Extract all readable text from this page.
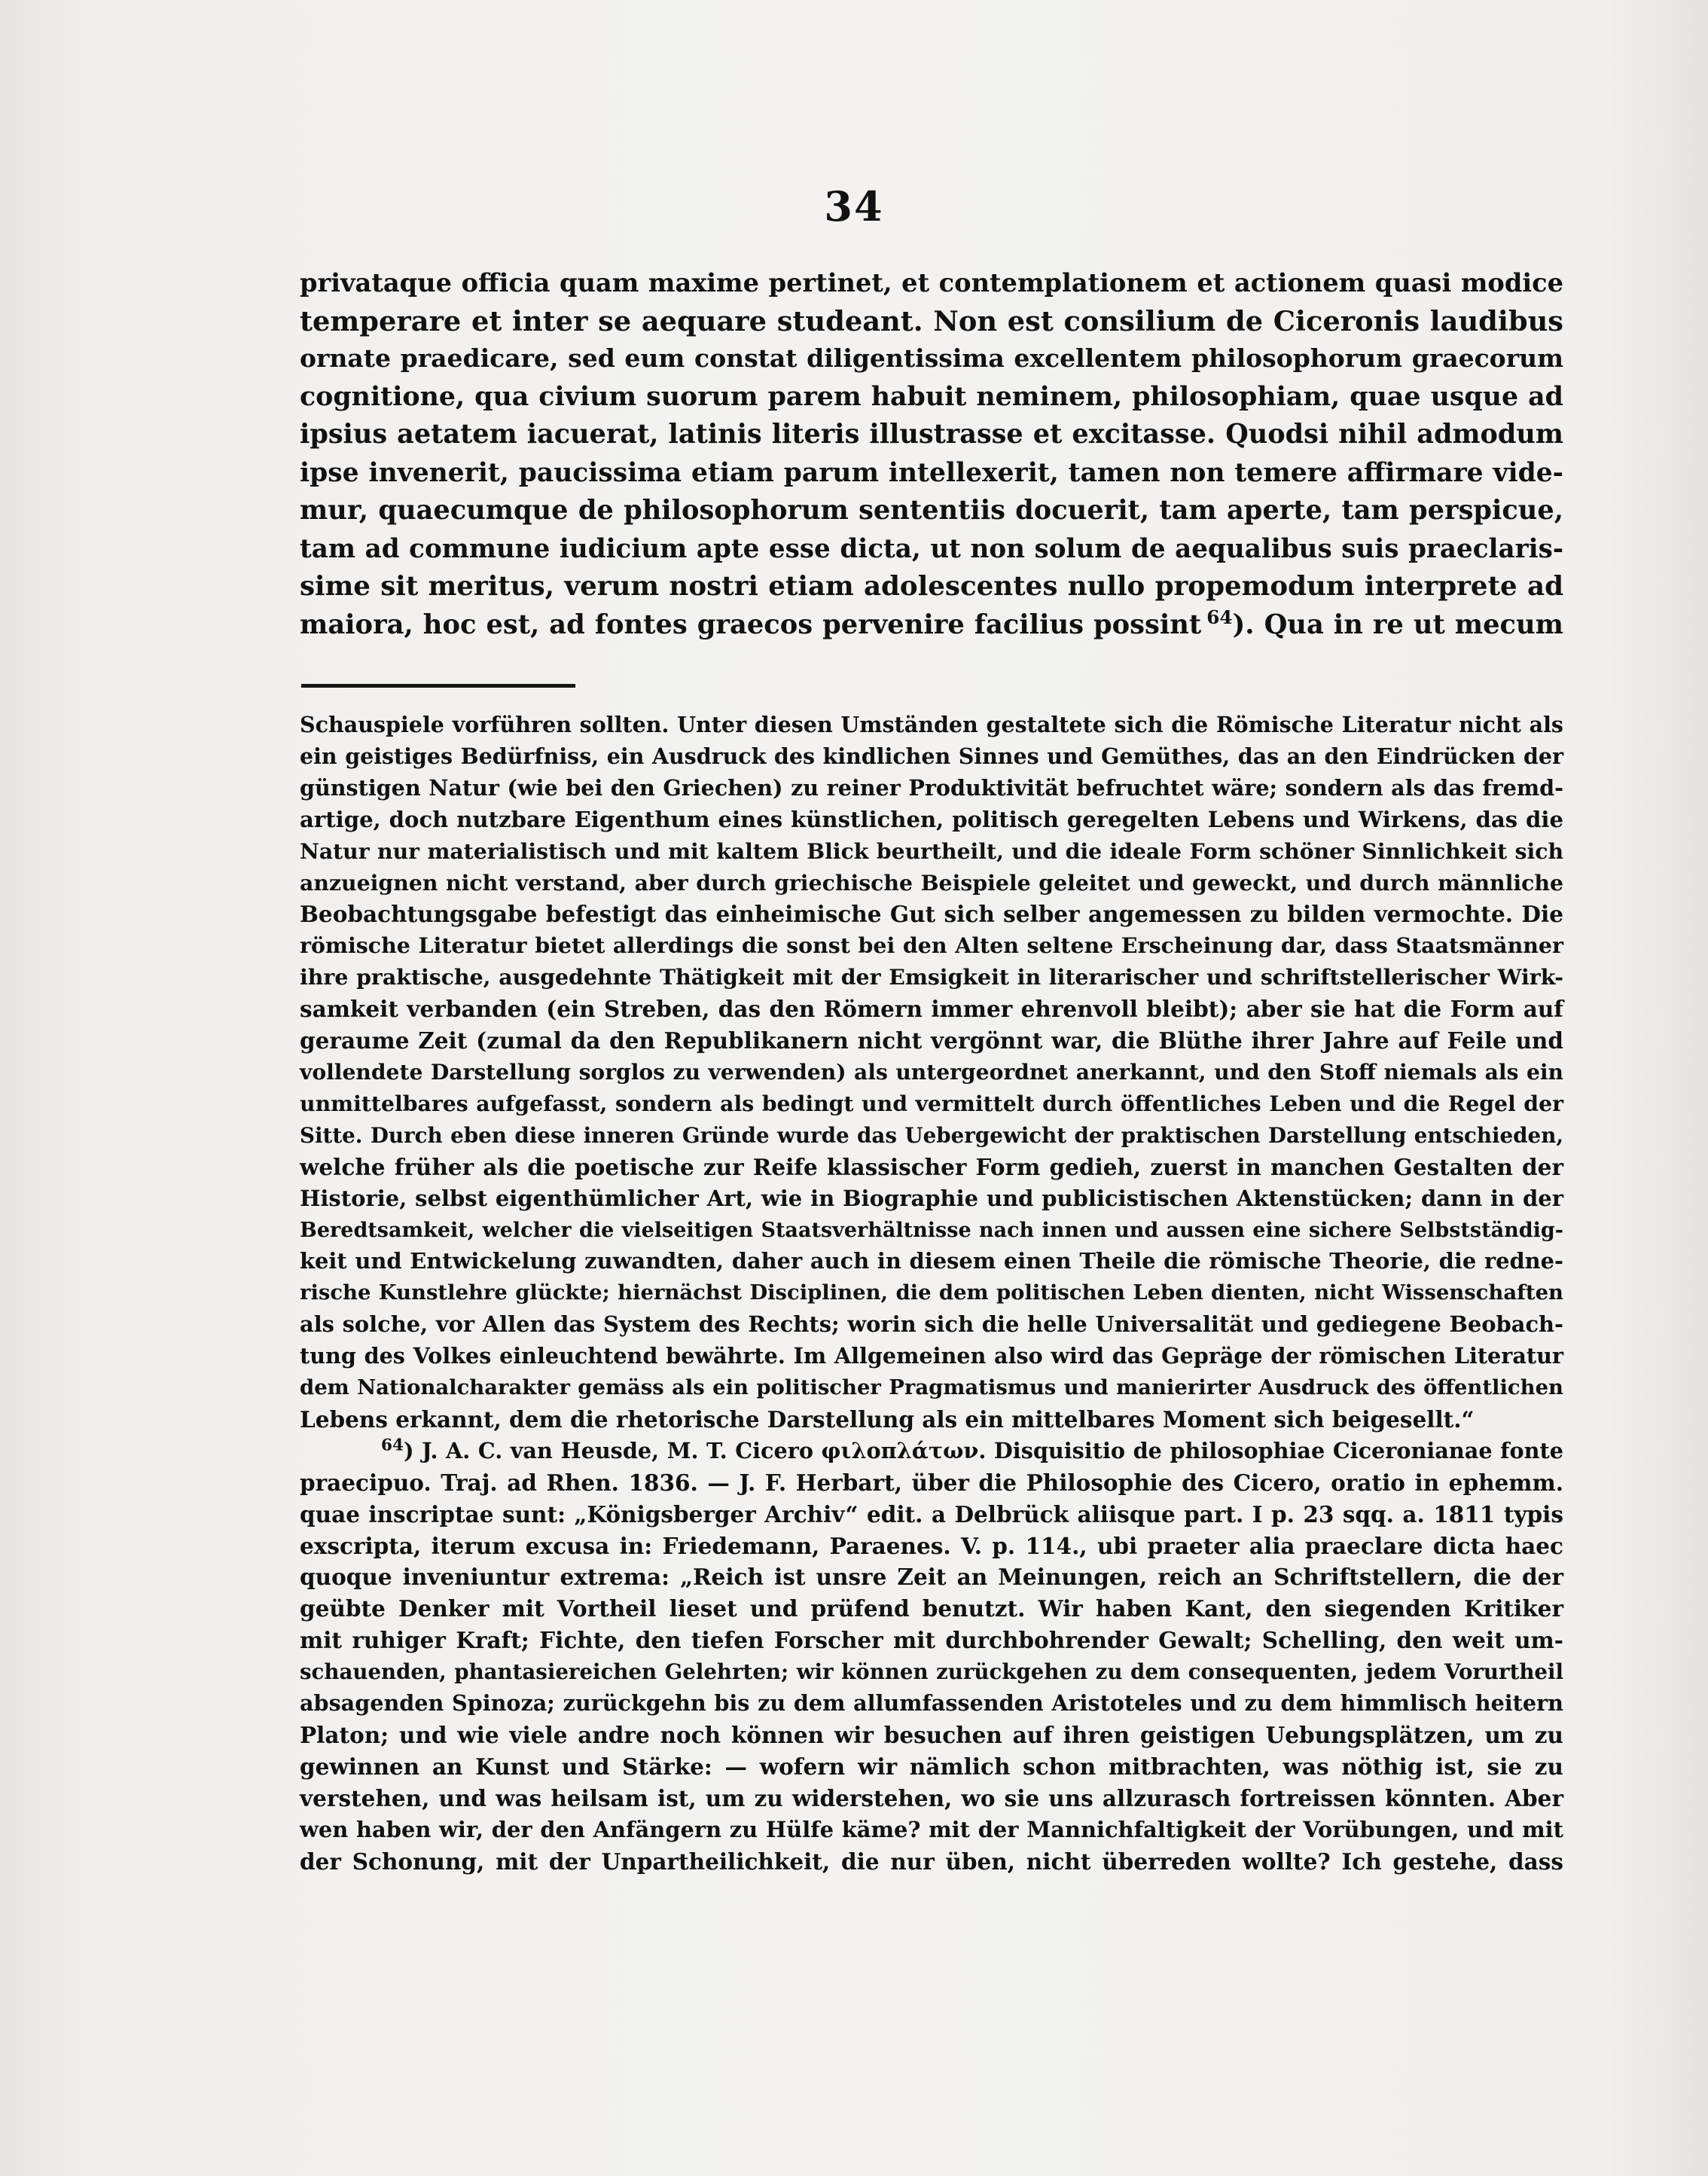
34
privataque officia quam maxime pertinet, et contemplationem et actionem quasi modice
temperare et inter se aequare studeant. Non est consilium de Ciceronis laudibus
ornate praedicare, sed eum constat diligentissima excellentem philosophorum graecorum
cognitione, qua civium suorum parem habuit neminem, philosophiam, quae usque ad
ipsius aetatem iacuerat, latinis literis illustrasse et excitasse. Quodsi nihil admodum
ipse invenerit, paucissima etiam parum intellexerit, tamen non temere affirmare vide-
mur, quaecumque de philosophorum sententiis docuerit, tam aperte, tam perspicue,
tam ad commune iudicium apte esse dicta, ut non solum de aequalibus suis praeclaris-
sime sit meritus, verum nostri etiam adolescentes nullo propemodum interprete ad
maiora, hoc est, ad fontes graecos pervenire facilius possint  $^{64}$). Qua in re ut mecum
Schauspiele vorführen sollten. Unter diesen Umständen gestaltete sich die Römische Literatur nicht als
ein geistiges Bedürfniss, ein Ausdruck des kindlichen Sinnes und Gemüthes, das an den Eindrücken der
günstigen Natur (wie bei den Griechen) zu reiner Produktivität befruchtet wäre; sondern als das fremd-
artige, doch nutzbare Eigenthum eines künstlichen, politisch geregelten Lebens und Wirkens, das die
Natur nur materialistisch und mit kaltem Blick beurtheilt, und die ideale Form schöner Sinnlichkeit sich
anzueignen nicht verstand, aber durch griechische Beispiele geleitet und geweckt, und durch männliche
Beobachtungsgabe befestigt das einheimische Gut sich selber angemessen zu bilden vermochte. Die
römische Literatur bietet allerdings die sonst bei den Alten seltene Erscheinung dar, dass Staatsmänner
ihre praktische, ausgedehnte Thätigkeit mit der Emsigkeit in literarischer und schriftstellerischer Wirk-
samkeit verbanden (ein Streben, das den Römern immer ehrenvoll bleibt); aber sie hat die Form auf
geraume Zeit (zumal da den Republikanern nicht vergönnt war, die Blüthe ihrer Jahre auf Feile und
vollendete Darstellung sorglos zu verwenden) als untergeordnet anerkannt, und den Stoff niemals als ein
unmittelbares aufgefasst, sondern als bedingt und vermittelt durch öffentliches Leben und die Regel der
Sitte. Durch eben diese inneren Gründe wurde das Uebergewicht der praktischen Darstellung entschieden,
welche früher als die poetische zur Reife klassischer Form gedieh, zuerst in manchen Gestalten der
Historie, selbst eigenthümlicher Art, wie in Biographie und publicistischen Aktenstücken; dann in der
Beredtsamkeit, welcher die vielseitigen Staatsverhältnisse nach innen und aussen eine sichere Selbstständig-
keit und Entwickelung zuwandten, daher auch in diesem einen Theile die römische Theorie, die redne-
rische Kunstlehre glückte; hiernächst Disciplinen, die dem politischen Leben dienten, nicht Wissenschaften
als solche, vor Allen das System des Rechts; worin sich die helle Universalität und gediegene Beobach-
tung des Volkes einleuchtend bewährte. Im Allgemeinen also wird das Gepräge der römischen Literatur
dem Nationalcharakter gemäss als ein politischer Pragmatismus und manierirter Ausdruck des öffentlichen
Lebens erkannt, dem die rhetorische Darstellung als ein mittelbares Moment sich beigesellt.“
$^{64}$) J. A. C. van Heusde, M. T. Cicero φιλοπλάτων. Disquisitio de philosophiae Ciceronianae fonte
praecipuo. Traj. ad Rhen. 1836. — J. F. Herbart, über die Philosophie des Cicero, oratio in ephemm.
quae inscriptae sunt: „Königsberger Archiv“ edit. a Delbrück aliisque part. I p. 23 sqq. a. 1811 typis
exscripta, iterum excusa in: Friedemann, Paraenes. V. p. 114., ubi praeter alia praeclare dicta haec
quoque inveniuntur extrema: „Reich ist unsre Zeit an Meinungen, reich an Schriftstellern, die der
geübte Denker mit Vortheil lieset und prüfend benutzt. Wir haben Kant, den siegenden Kritiker
mit ruhiger Kraft; Fichte, den tiefen Forscher mit durchbohrender Gewalt; Schelling, den weit um-
schauenden, phantasiereichen Gelehrten; wir können zurückgehen zu dem consequenten, jedem Vorurtheil
absagenden Spinoza; zurückgehn bis zu dem allumfassenden Aristoteles und zu dem himmlisch heitern
Platon; und wie viele andre noch können wir besuchen auf ihren geistigen Uebungsplätzen, um zu
gewinnen an Kunst und Stärke: — wofern wir nämlich schon mitbrachten, was nöthig ist, sie zu
verstehen, und was heilsam ist, um zu widerstehen, wo sie uns allzurasch fortreissen könnten. Aber
wen haben wir, der den Anfängern zu Hülfe käme? mit der Mannichfaltigkeit der Vorübungen, und mit
der Schonung, mit der Unpartheilichkeit, die nur üben, nicht überreden wollte? Ich gestehe, dass
